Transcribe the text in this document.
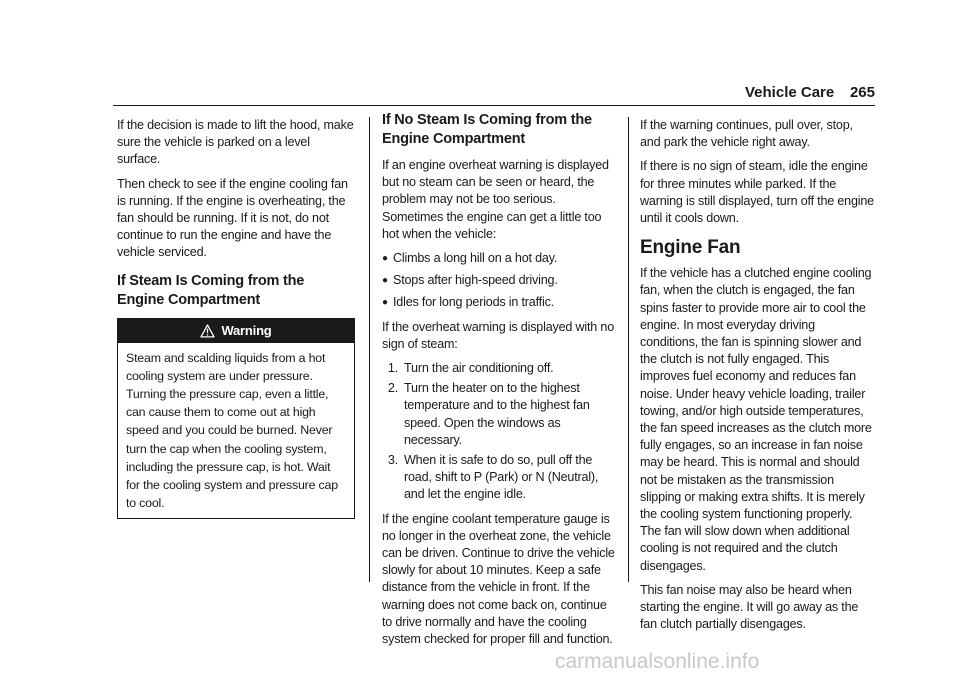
Vehicle Care 265

If the decision is made to lift the hood, make sure the vehicle is parked on a level surface.

Then check to see if the engine cooling fan is running. If the engine is overheating, the fan should be running. If it is not, do not continue to run the engine and have the vehicle serviced.

If Steam Is Coming from the Engine Compartment
Warning
Steam and scalding liquids from a hot cooling system are under pressure. Turning the pressure cap, even a little, can cause them to come out at high speed and you could be burned. Never turn the cap when the cooling system, including the pressure cap, is hot. Wait for the cooling system and pressure cap to cool.
If No Steam Is Coming from the Engine Compartment

If an engine overheat warning is displayed but no steam can be seen or heard, the problem may not be too serious. Sometimes the engine can get a little too hot when the vehicle:

● Climbs a long hill on a hot day.
● Stops after high-speed driving.
● Idles for long periods in traffic.

If the overheat warning is displayed with no sign of steam:

1. Turn the air conditioning off.
2. Turn the heater on to the highest temperature and to the highest fan speed. Open the windows as necessary.
3. When it is safe to do so, pull off the road, shift to P (Park) or N (Neutral), and let the engine idle.

If the engine coolant temperature gauge is no longer in the overheat zone, the vehicle can be driven. Continue to drive the vehicle slowly for about 10 minutes. Keep a safe distance from the vehicle in front. If the warning does not come back on, continue to drive normally and have the cooling system checked for proper fill and function.

If the warning continues, pull over, stop, and park the vehicle right away.

If there is no sign of steam, idle the engine for three minutes while parked. If the warning is still displayed, turn off the engine until it cools down.

Engine Fan

If the vehicle has a clutched engine cooling fan, when the clutch is engaged, the fan spins faster to provide more air to cool the engine. In most everyday driving conditions, the fan is spinning slower and the clutch is not fully engaged. This improves fuel economy and reduces fan noise. Under heavy vehicle loading, trailer towing, and/or high outside temperatures, the fan speed increases as the clutch more fully engages, so an increase in fan noise may be heard. This is normal and should not be mistaken as the transmission slipping or making extra shifts. It is merely the cooling system functioning properly. The fan will slow down when additional cooling is not required and the clutch disengages.

This fan noise may also be heard when starting the engine. It will go away as the fan clutch partially disengages.

carmanualsonline.info
